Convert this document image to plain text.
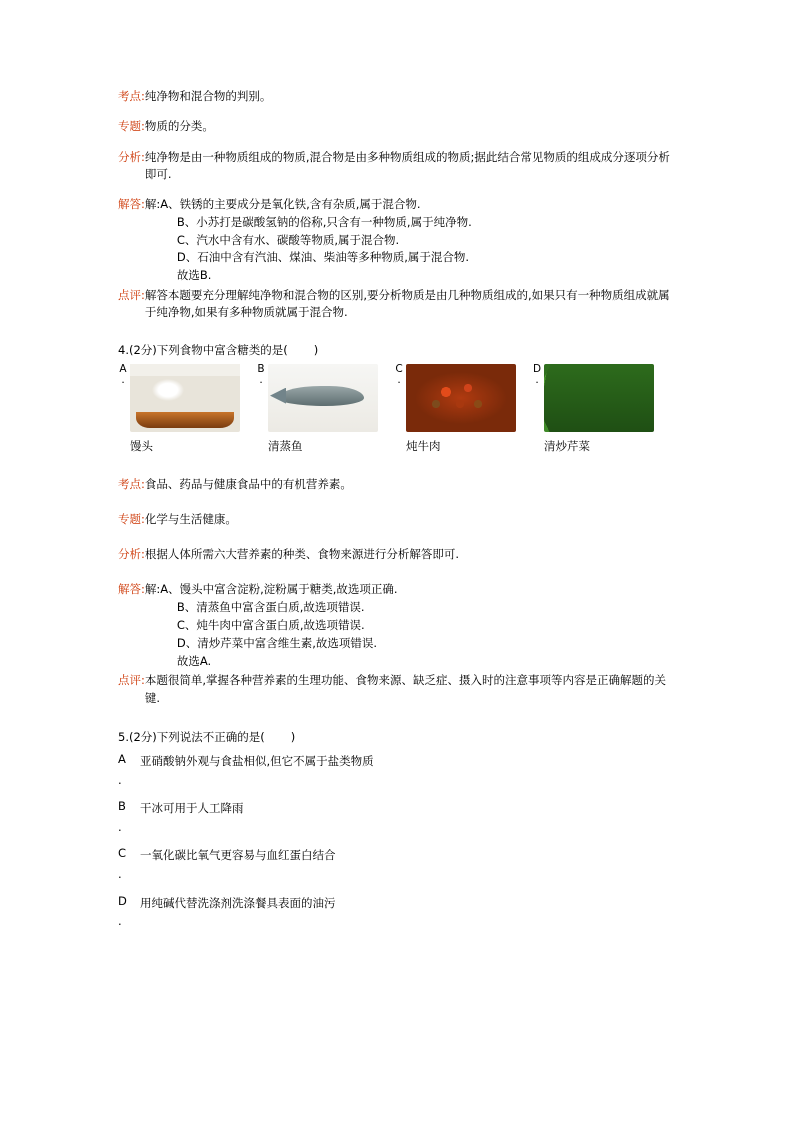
考点: 纯净物和混合物的判别。
专题: 物质的分类。
分析: 纯净物是由一种物质组成的物质,混合物是由多种物质组成的物质;据此结合常见物质的组成成分逐项分析即可.
解答: 解:A、铁锈的主要成分是氧化铁,含有杂质,属于混合物.
B、小苏打是碳酸氢钠的俗称,只含有一种物质,属于纯净物.
C、汽水中含有水、碳酸等物质,属于混合物.
D、石油中含有汽油、煤油、柴油等多种物质,属于混合物.
故选B.
点评: 解答本题要充分理解纯净物和混合物的区别,要分析物质是由几种物质组成的,如果只有一种物质组成就属于纯净物,如果有多种物质就属于混合物.
4.(2分)下列食物中富含糖类的是( )
A
.
馒头
B
.
清蒸鱼
C
.
炖牛肉
D
.
清炒芹菜
考点: 食品、药品与健康食品中的有机营养素。
专题: 化学与生活健康。
分析: 根据人体所需六大营养素的种类、食物来源进行分析解答即可.
解答: 解:A、馒头中富含淀粉,淀粉属于糖类,故选项正确.
B、清蒸鱼中富含蛋白质,故选项错误.
C、炖牛肉中富含蛋白质,故选项错误.
D、清炒芹菜中富含维生素,故选项错误.
故选A.
点评: 本题很简单,掌握各种营养素的生理功能、食物来源、缺乏症、摄入时的注意事项等内容是正确解题的关键.
5.(2分)下列说法不正确的是( )
A
.
亚硝酸钠外观与食盐相似,但它不属于盐类物质
B
.
干冰可用于人工降雨
C
.
一氧化碳比氧气更容易与血红蛋白结合
D
.
用纯碱代替洗涤剂洗涤餐具表面的油污
